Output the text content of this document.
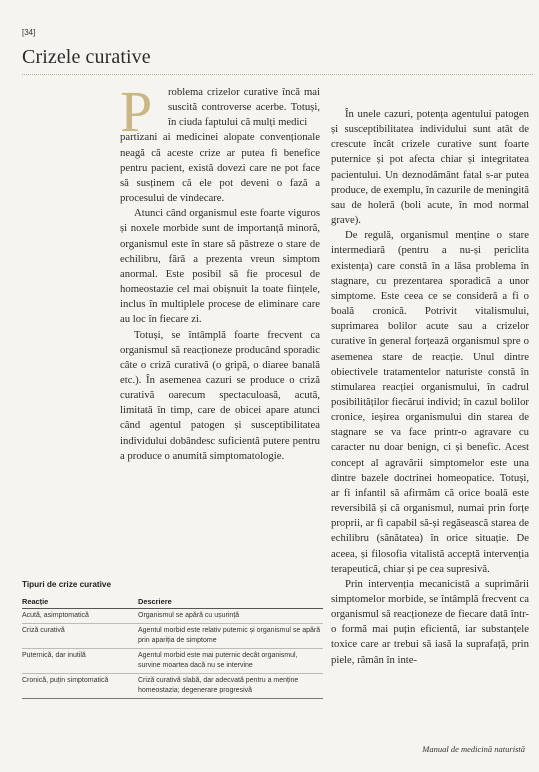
[34]
Crizele curative
P	roblema crizelor curative încă mai suscită controverse acerbe. Totuși, în ciuda faptului că mulți medici

partizani ai medicinei alopate convenționale neagă că aceste crize ar putea fi benefice pentru pacient, există dovezi care ne pot face să susținem că ele pot deveni o fază a procesului de vindecare.

Atunci când organismul este foarte viguros și noxele morbide sunt de importanță minoră, organismul este în stare să păstreze o stare de echilibru, fără a prezenta vreun simptom anormal. Este posibil să fie procesul de homeostazie cel mai obișnuit la toate ființele, inclus în multiplele procese de eliminare care au loc în fiecare zi.

Totuși, se întâmplă foarte frecvent ca organismul să reacționeze producând sporadic câte o criză curativă (o gripă, o diaree banală etc.). În asemenea cazuri se produce o criză curativă oarecum spectaculoasă, acută, limitată în timp, care de obicei apare atunci când agentul patogen și susceptibilitatea individului dobândesc suficientă putere pentru a produce o anumită simptomatologie.

În unele cazuri, potența agentului patogen și susceptibilitatea individului sunt atât de crescute încât crizele curative sunt foarte puternice și pot afecta chiar și integritatea pacientului. Un deznodământ fatal s-ar putea produce, de exemplu, în cazurile de meningită sau de holeră (boli acute, în mod normal grave).

De regulă, organismul menține o stare intermediară (pentru a nu-și periclita existența) care constă în a lăsa problema în stagnare, cu prezentarea sporadică a unor simptome. Este ceea ce se consideră a fi o boală cronică. Potrivit vitalismului, suprimarea bolilor acute sau a crizelor curative în general forțează organismul spre o asemenea stare de reacție. Unul dintre obiectivele tratamentelor naturiste constă în stimularea reacției organismului, în cadrul posibilităților fiecărui individ; în cazul bolilor cronice, ieșirea organismului din starea de stagnare se va face printr-o agravare cu caracter nu doar benign, ci și benefic. Acest concept al agravării simptomelor este una dintre bazele doctrinei homeopatice. Totuși, ar fi infantil să afirmăm că orice boală este reversibilă și că organismul, numai prin forțe proprii, ar fi capabil să-și regăsească starea de echilibru (sănătatea) în orice situație. De aceea, și filosofia vitalistă acceptă intervenția terapeutică, chiar și pe cea supresivă.

Prin intervenția mecanicistă a suprimării simptomelor morbide, se întâmplă frecvent ca organismul să reacționeze de fiecare dată într-o formă mai puțin eficientă, iar substanțele toxice care ar trebui să iasă la suprafață, prin piele, rămân în inte-

Tipuri de crize curative
Reacție	Descriere
Acută, asimptomatică	Organismul se apără cu ușurință
Criză curativă	Agentul morbid este relativ puternic și organismul se apără prin apariția de simptome
Puternică, dar inutilă	Agentul morbid este mai puternic decât organismul, survine moartea dacă nu se intervine
Cronică, puțin simptomatică	Criză curativă slabă, dar adecvată pentru a menține homeostazia; degenerare progresivă
Manual de medicină naturistă
